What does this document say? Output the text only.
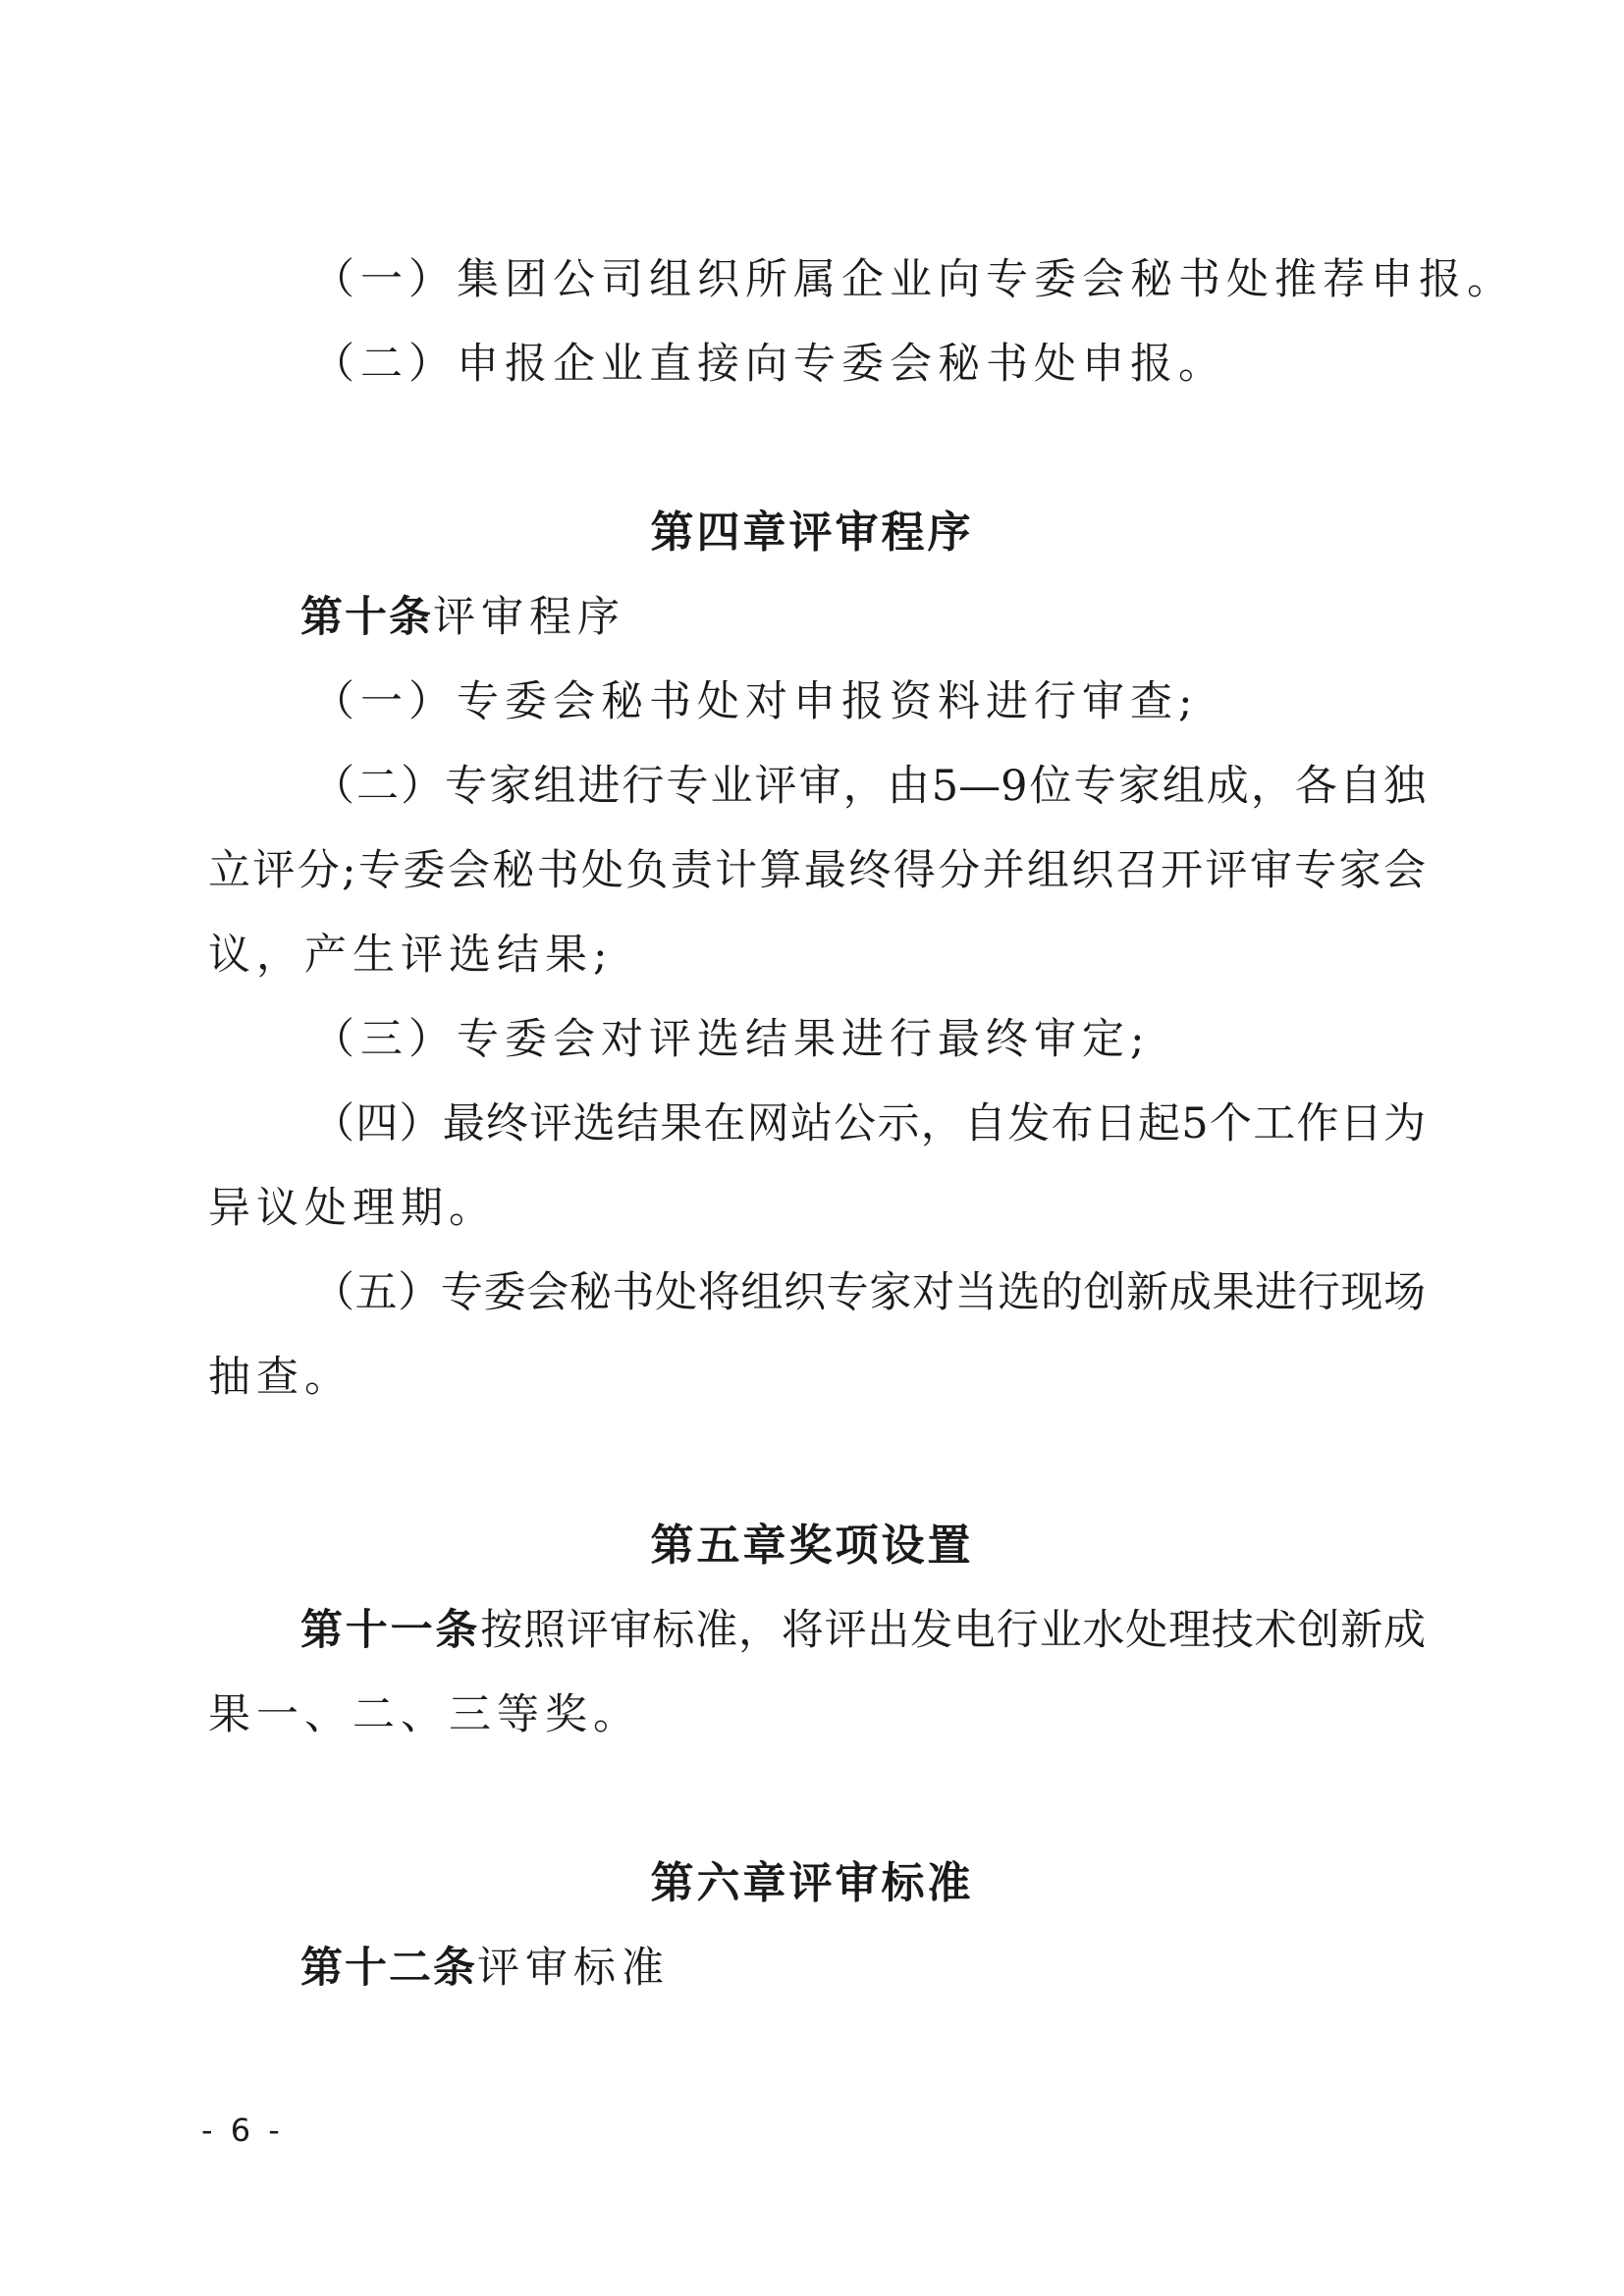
（一）集团公司组织所属企业向专委会秘书处推荐申报。
（二）申报企业直接向专委会秘书处申报。
第四章评审程序
第十条评审程序
（一）专委会秘书处对申报资料进行审查;
（二）专家组进行专业评审，由5—9位专家组成，各自独
立评分;专委会秘书处负责计算最终得分并组织召开评审专家会
议，产生评选结果;
（三）专委会对评选结果进行最终审定;
（四）最终评选结果在网站公示，自发布日起5个工作日为
异议处理期。
（五）专委会秘书处将组织专家对当选的创新成果进行现场
抽查。
第五章奖项设置
第十一条按照评审标准，将评出发电行业水处理技术创新成
果一、二、三等奖。
第六章评审标准
第十二条评审标准
- 6 -
